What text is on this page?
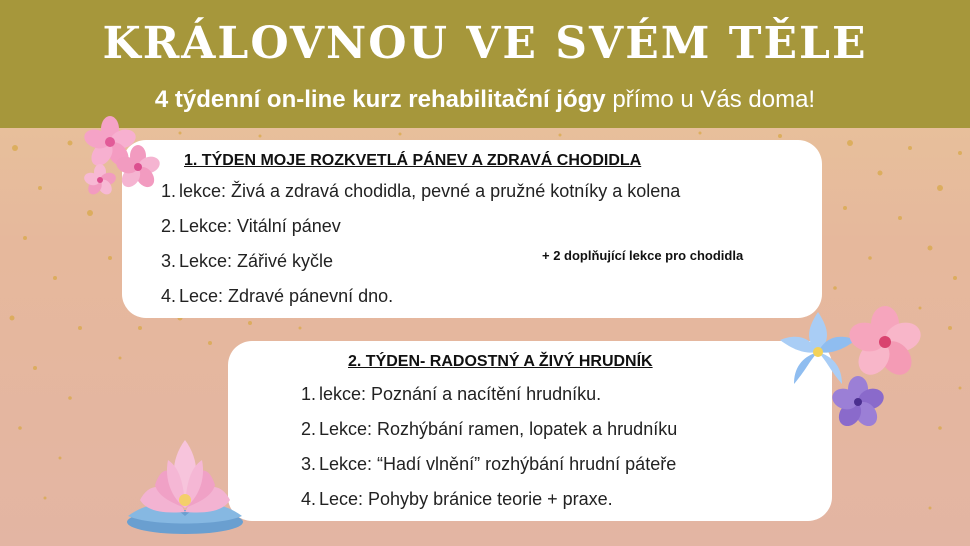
KRÁLOVNOU VE SVÉM TĚLE
4 týdenní on-line kurz rehabilitační jógy přímo u Vás doma!
1. TÝDEN MOJE ROZKVETLÁ PÁNEV A ZDRAVÁ CHODIDLA
1. lekce: Živá a zdravá chodidla, pevné a pružné kotníky a kolena
2. Lekce: Vitální pánev
3. Lekce: Zářivé kyčle
4. Lece: Zdravé pánevní dno.
+ 2 doplňující lekce pro chodidla
2. TÝDEN- RADOSTNÝ A ŽIVÝ HRUDNÍK
1. lekce: Poznání a nacítění hrudníku.
2. Lekce: Rozhýbání ramen, lopatek a hrudníku
3. Lekce: “Hadí vlnění” rozhýbání hrudní páteře
4. Lece: Pohyby bránice teorie + praxe.
